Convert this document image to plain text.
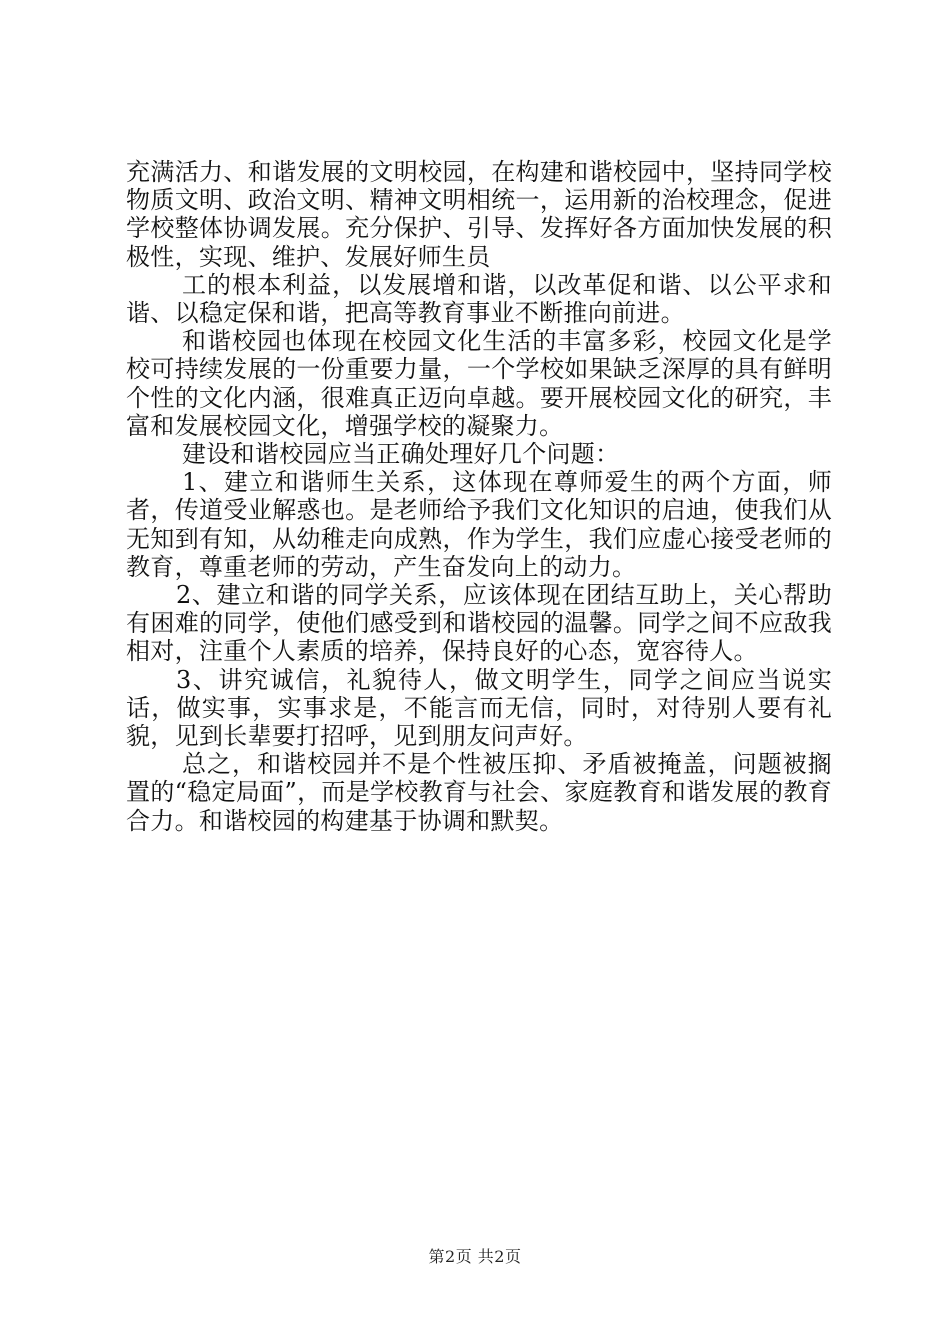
充满活力、和谐发展的文明校园，在构建和谐校园中，坚持同学校物质文明、政治文明、精神文明相统一，运用新的治校理念，促进学校整体协调发展。充分保护、引导、发挥好各方面加快发展的积极性，实现、维护、发展好师生员

工的根本利益，以发展增和谐，以改革促和谐、以公平求和谐、以稳定保和谐，把高等教育事业不断推向前进。

和谐校园也体现在校园文化生活的丰富多彩，校园文化是学校可持续发展的一份重要力量，一个学校如果缺乏深厚的具有鲜明个性的文化内涵，很难真正迈向卓越。要开展校园文化的研究，丰富和发展校园文化，增强学校的凝聚力。

建设和谐校园应当正确处理好几个问题：

1、建立和谐师生关系，这体现在尊师爱生的两个方面，师者，传道受业解惑也。是老师给予我们文化知识的启迪，使我们从无知到有知，从幼稚走向成熟，作为学生，我们应虚心接受老师的教育，尊重老师的劳动，产生奋发向上的动力。

2、建立和谐的同学关系，应该体现在团结互助上，关心帮助有困难的同学，使他们感受到和谐校园的温馨。同学之间不应敌我相对，注重个人素质的培养，保持良好的心态，宽容待人。

3、讲究诚信，礼貌待人，做文明学生，同学之间应当说实话，做实事，实事求是，不能言而无信，同时，对待别人要有礼貌，见到长辈要打招呼，见到朋友问声好。

总之，和谐校园并不是个性被压抑、矛盾被掩盖，问题被搁置的“稳定局面”，而是学校教育与社会、家庭教育和谐发展的教育合力。和谐校园的构建基于协调和默契。

第2页 共2页
